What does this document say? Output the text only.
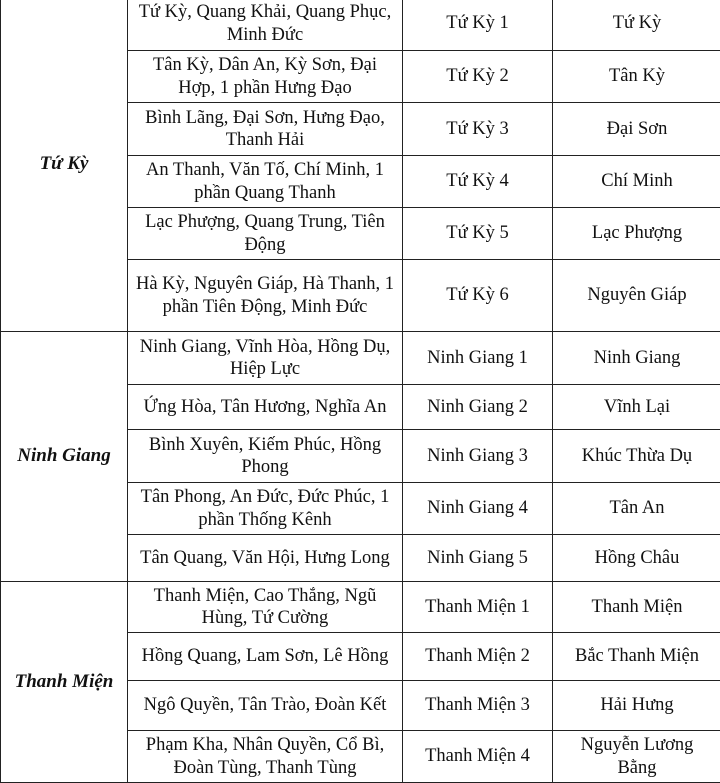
Tứ Kỳ	Tứ Kỳ, Quang Khải, Quang Phục, Minh Đức	Tứ Kỳ 1	Tứ Kỳ
	Tân Kỳ, Dân An, Kỳ Sơn, Đại Hợp, 1 phần Hưng Đạo	Tứ Kỳ 2	Tân Kỳ
	Bình Lãng, Đại Sơn, Hưng Đạo, Thanh Hải	Tứ Kỳ 3	Đại Sơn
	An Thanh, Văn Tố, Chí Minh, 1 phần Quang Thanh	Tứ Kỳ 4	Chí Minh
	Lạc Phượng, Quang Trung, Tiên Động	Tứ Kỳ 5	Lạc Phượng
	Hà Kỳ, Nguyên Giáp, Hà Thanh, 1 phần Tiên Động, Minh Đức	Tứ Kỳ 6	Nguyên Giáp
Ninh Giang	Ninh Giang, Vĩnh Hòa, Hồng Dụ, Hiệp Lực	Ninh Giang 1	Ninh Giang
	Ứng Hòa, Tân Hương, Nghĩa An	Ninh Giang 2	Vĩnh Lại
	Bình Xuyên, Kiếm Phúc, Hồng Phong	Ninh Giang 3	Khúc Thừa Dụ
	Tân Phong, An Đức, Đức Phúc, 1 phần Thống Kênh	Ninh Giang 4	Tân An
	Tân Quang, Văn Hội, Hưng Long	Ninh Giang 5	Hồng Châu
Thanh Miện	Thanh Miện, Cao Thắng, Ngũ Hùng, Tứ Cường	Thanh Miện 1	Thanh Miện
	Hồng Quang, Lam Sơn, Lê Hồng	Thanh Miện 2	Bắc Thanh Miện
	Ngô Quyền, Tân Trào, Đoàn Kết	Thanh Miện 3	Hải Hưng
	Phạm Kha, Nhân Quyền, Cổ Bì, Đoàn Tùng, Thanh Tùng	Thanh Miện 4	Nguyễn Lương Bằng
